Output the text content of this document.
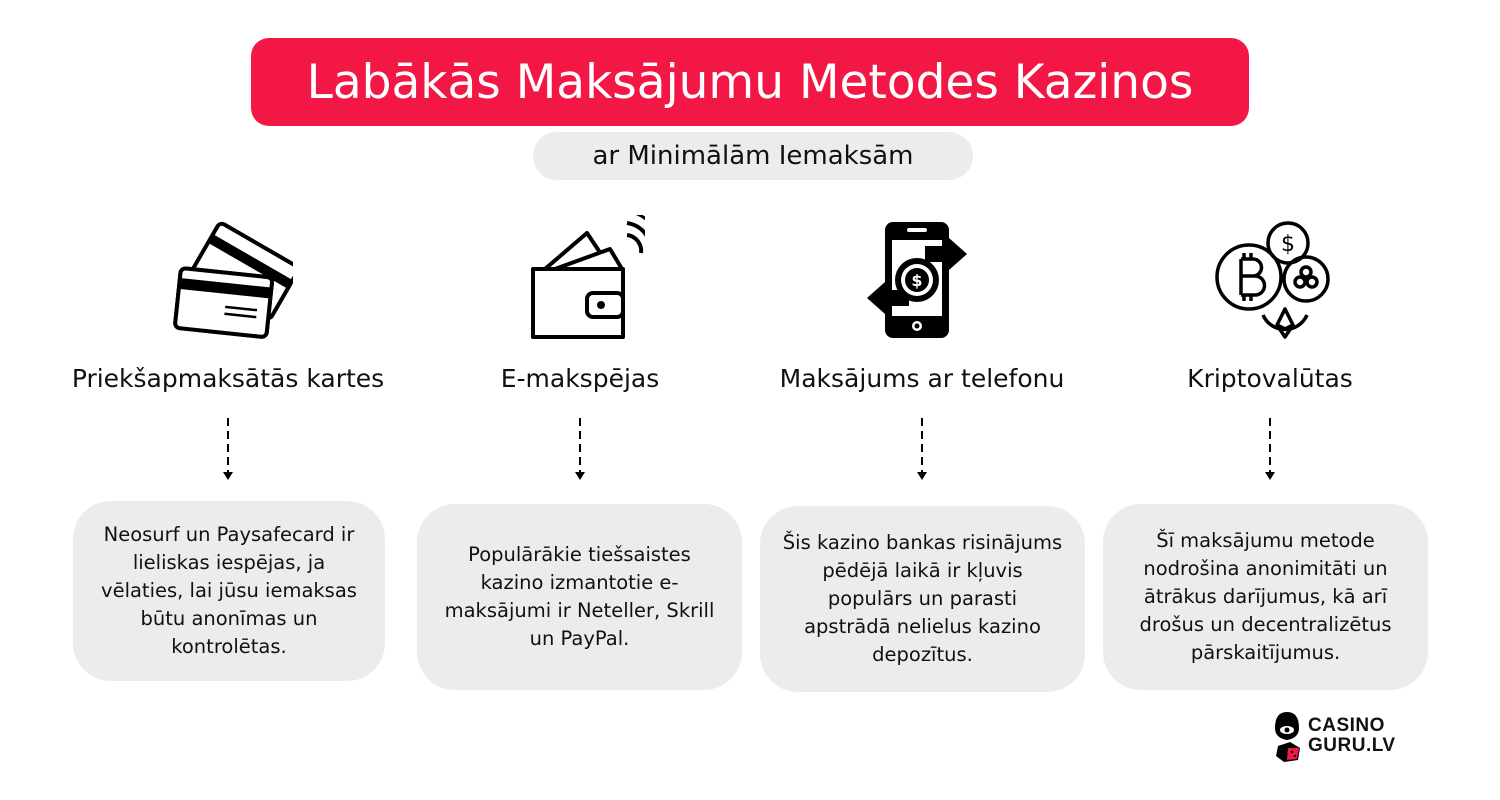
Labākās Maksājumu Metodes Kazinos
ar Minimālām Iemaksām
Priekšapmaksātās kartes	E-makspējas
$
Maksājums ar telefonu
$
Kriptovalūtas
Neosurf un Paysafecard ir lieliskas iespējas, ja vēlaties, lai jūsu iemaksas būtu anonīmas un kontrolētas.
Populārākie tiešsaistes kazino izmantotie e-maksājumi ir Neteller, Skrill un PayPal.
Šis kazino bankas risinājums pēdējā laikā ir kļuvis populārs un parasti apstrādā nelielus kazino depozītus.
Šī maksājumu metode nodrošina anonimitāti un ātrākus darījumus, kā arī drošus un decentralizētus pārskaitījumus.
CASINO
GURU.LV
